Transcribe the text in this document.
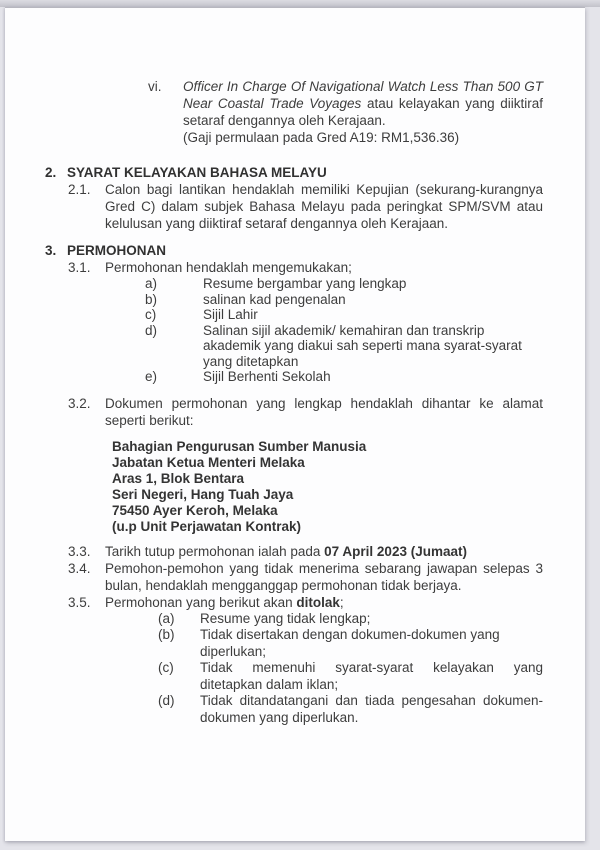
vi.	Officer In Charge Of Navigational Watch Less Than 500 GT Near Coastal Trade Voyages atau kelayakan yang diiktiraf setaraf dengannya oleh Kerajaan.
(Gaji permulaan pada Gred A19: RM1,536.36)
2. SYARAT KELAYAKAN BAHASA MELAYU
2.1.	Calon bagi lantikan hendaklah memiliki Kepujian (sekurang-kurangnya Gred C) dalam subjek Bahasa Melayu pada peringkat SPM/SVM atau kelulusan yang diiktiraf setaraf dengannya oleh Kerajaan.
3. PERMOHONAN
3.1.	Permohonan hendaklah mengemukakan;
a)	Resume bergambar yang lengkap
b)	salinan kad pengenalan
c)	Sijil Lahir
d)	Salinan sijil akademik/ kemahiran dan transkrip akademik yang diakui sah seperti mana syarat-syarat yang ditetapkan
e)	Sijil Berhenti Sekolah
3.2.	Dokumen permohonan yang lengkap hendaklah dihantar ke alamat seperti berikut:
Bahagian Pengurusan Sumber Manusia
Jabatan Ketua Menteri Melaka
Aras 1, Blok Bentara
Seri Negeri, Hang Tuah Jaya
75450 Ayer Keroh, Melaka
(u.p Unit Perjawatan Kontrak)
3.3.	Tarikh tutup permohonan ialah pada 07 April 2023 (Jumaat)
3.4.	Pemohon-pemohon yang tidak menerima sebarang jawapan selepas 3 bulan, hendaklah mengganggap permohonan tidak berjaya.
3.5.	Permohonan yang berikut akan ditolak;
(a)	Resume yang tidak lengkap;
(b)	Tidak disertakan dengan dokumen-dokumen yang diperlukan;
(c)	Tidak memenuhi syarat-syarat kelayakan yang ditetapkan dalam iklan;
(d)	Tidak ditandatangani dan tiada pengesahan dokumen-dokumen yang diperlukan.
